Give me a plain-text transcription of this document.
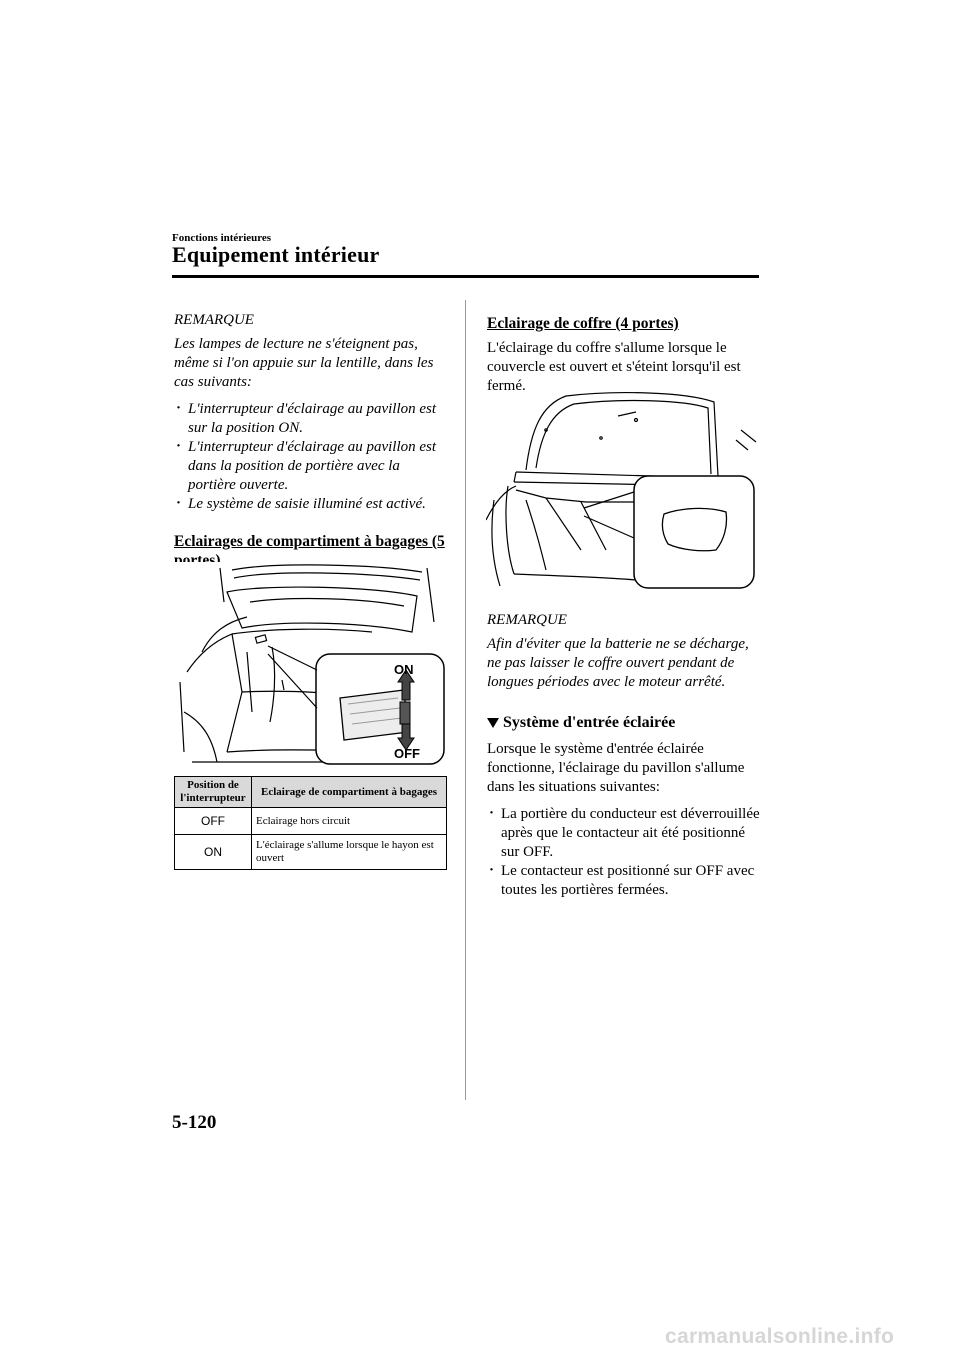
Fonctions intérieures
Equipement intérieur
REMARQUE
Les lampes de lecture ne s'éteignent pas, même si l'on appuie sur la lentille, dans les cas suivants:
· L'interrupteur d'éclairage au pavillon est sur la position ON.
· L'interrupteur d'éclairage au pavillon est dans la position de portière avec la portière ouverte.
· Le système de saisie illuminé est activé.
Eclairages de compartiment à bagages (5 portes)
ON
OFF
Position de l'interrupteur	Eclairage de compartiment à bagages
OFF	Eclairage hors circuit
ON	L'éclairage s'allume lorsque le hayon est ouvert
Eclairage de coffre (4 portes)
L'éclairage du coffre s'allume lorsque le couvercle est ouvert et s'éteint lorsqu'il est fermé.
REMARQUE
Afin d'éviter que la batterie ne se décharge, ne pas laisser le coffre ouvert pendant de longues périodes avec le moteur arrêté.
Système d'entrée éclairée
Lorsque le système d'entrée éclairée fonctionne, l'éclairage du pavillon s'allume dans les situations suivantes:
· La portière du conducteur est déverrouillée après que le contacteur ait été positionné sur OFF.
· Le contacteur est positionné sur OFF avec toutes les portières fermées.
5-120
carmanualsonline.info
